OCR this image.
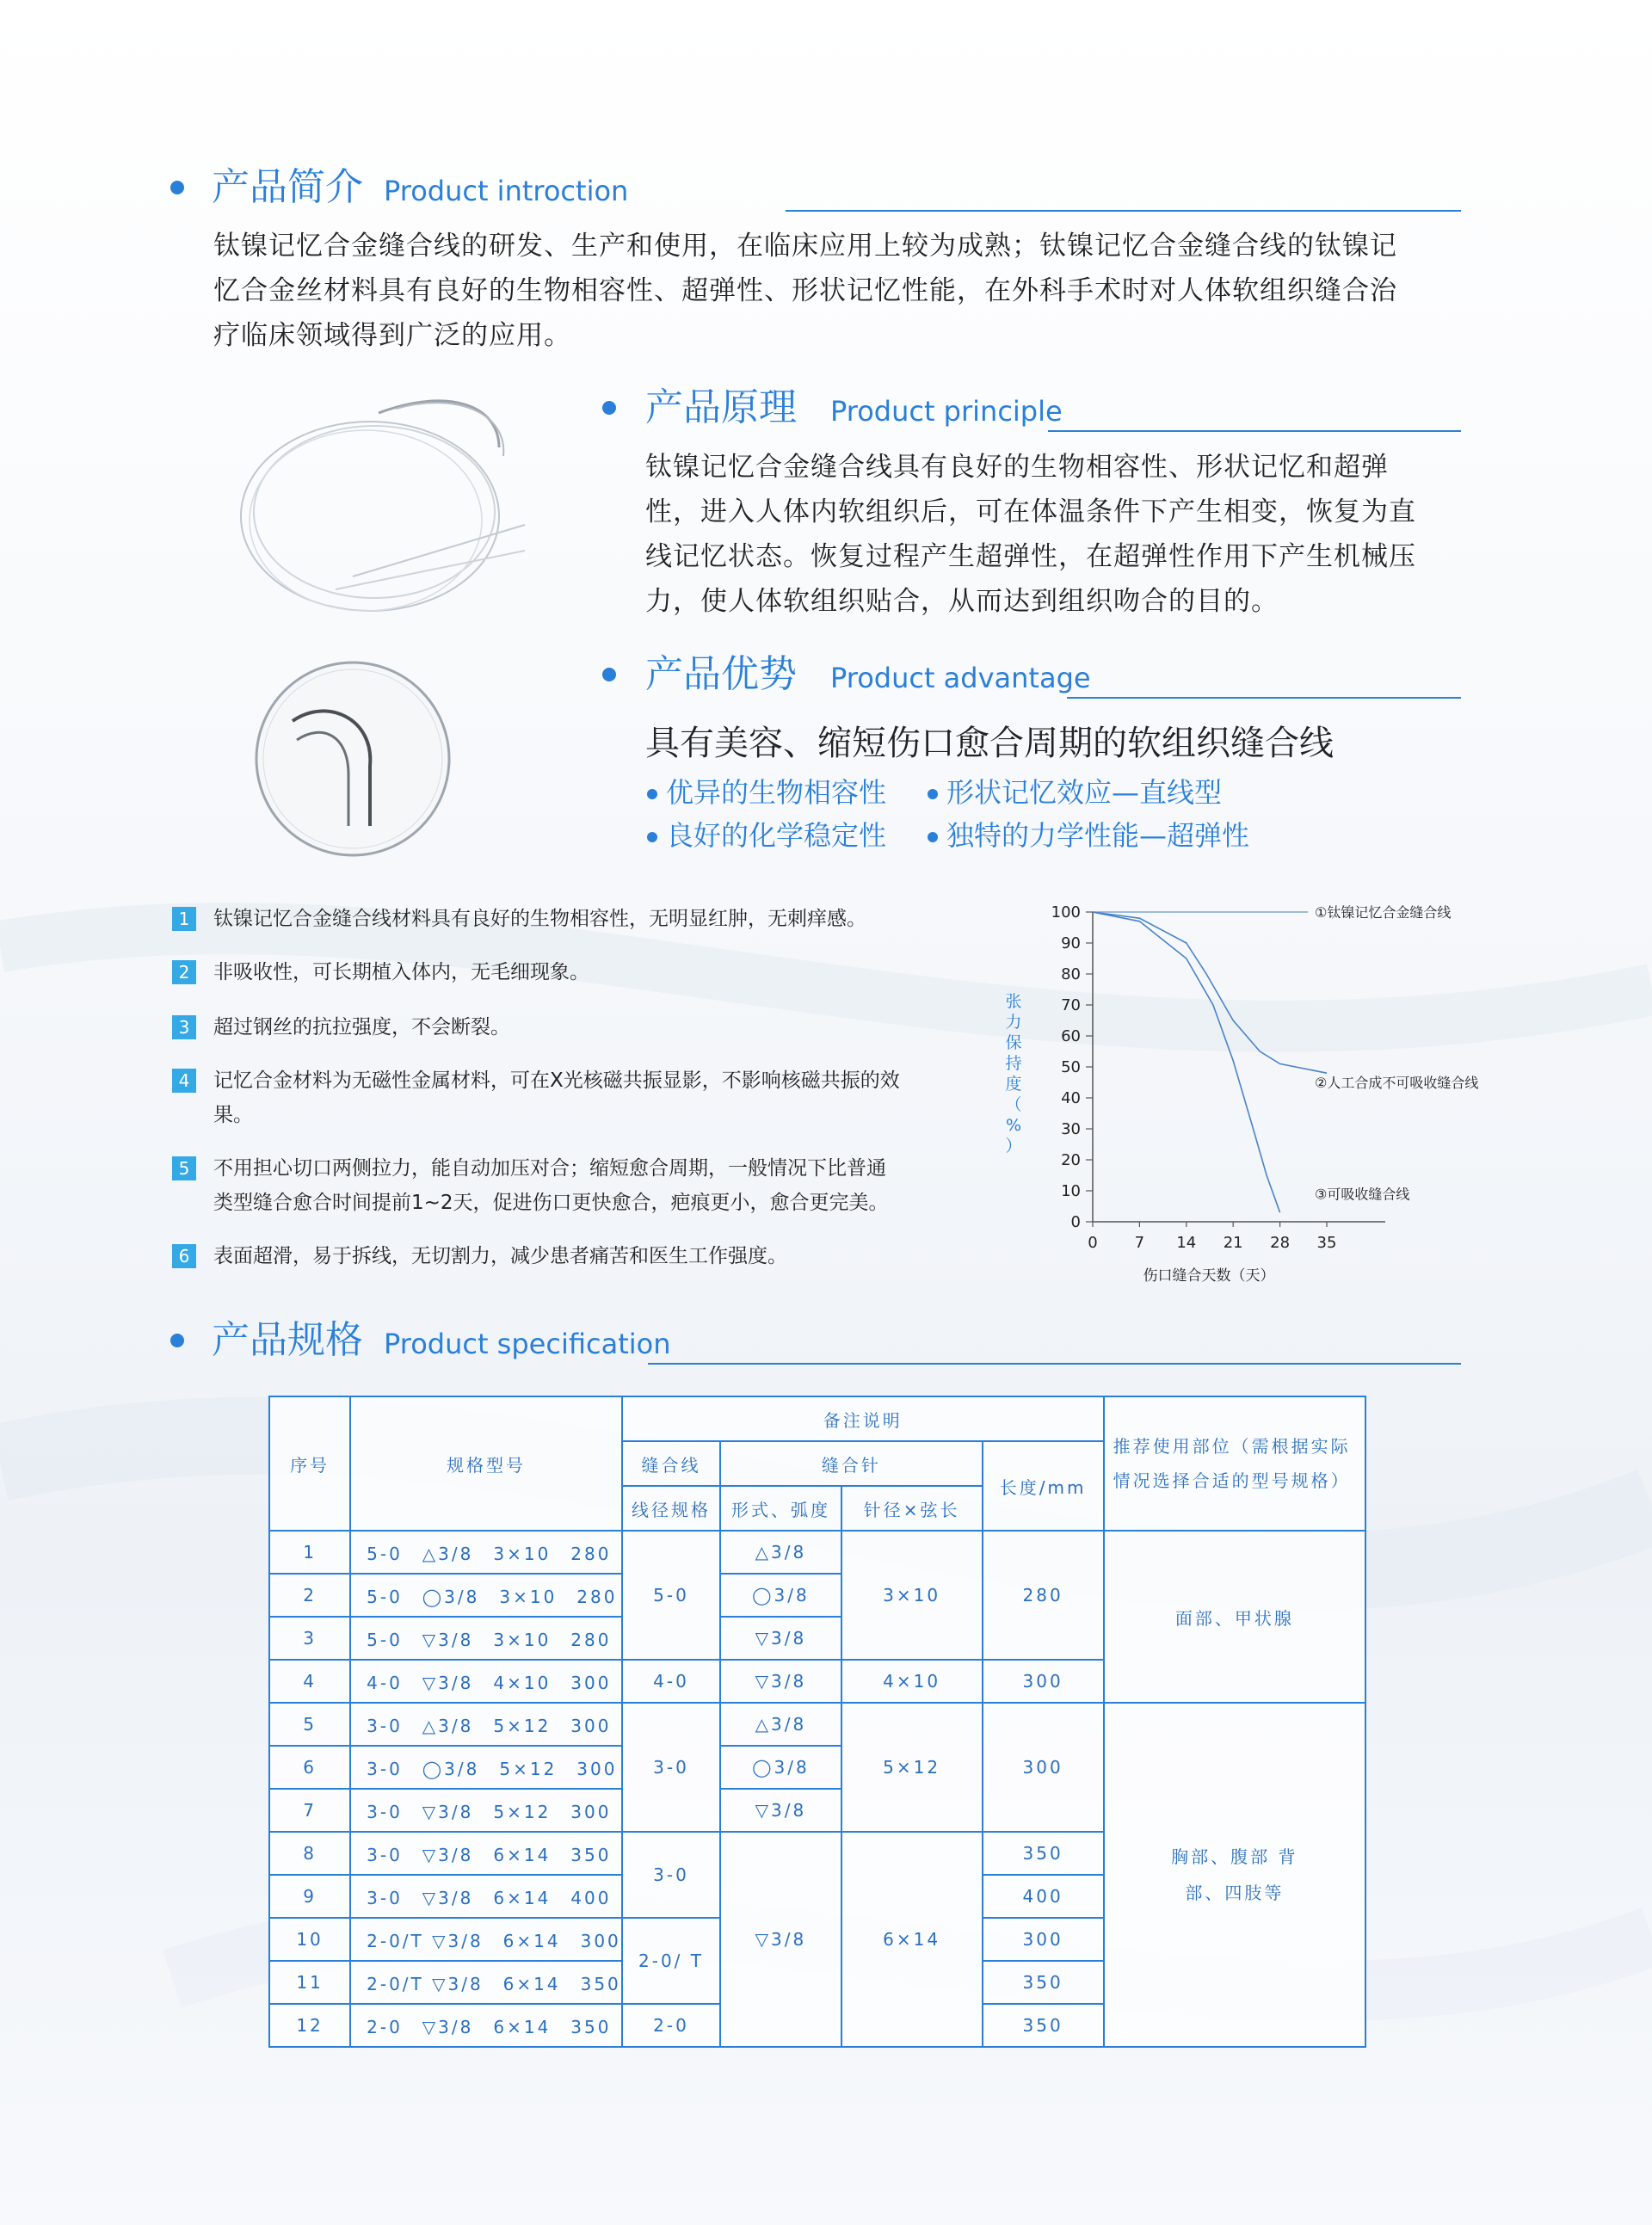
产品简介 Product introction
钛镍记忆合金缝合线的研发、生产和使用，在临床应用上较为成熟；钛镍记忆合金缝合线的钛镍记忆合金丝材料具有良好的生物相容性、超弹性、形状记忆性能，在外科手术时对人体软组织缝合治疗临床领域得到广泛的应用。
产品原理 Product principle
钛镍记忆合金缝合线具有良好的生物相容性、形状记忆和超弹性，进入人体内软组织后，可在体温条件下产生相变，恢复为直线记忆状态。恢复过程产生超弹性，在超弹性作用下产生机械压力，使人体软组织贴合，从而达到组织吻合的目的。
产品优势 Product advantage
具有美容、缩短伤口愈合周期的软组织缝合线
优异的生物相容性	形状记忆效应—直线型
良好的化学稳定性	独特的力学性能—超弹性
1	钛镍记忆合金缝合线材料具有良好的生物相容性，无明显红肿，无刺痒感。
2	非吸收性，可长期植入体内，无毛细现象。
3	超过钢丝的抗拉强度，不会断裂。
4	记忆合金材料为无磁性金属材料，可在X光核磁共振显影，不影响核磁共振的效果。
5	不用担心切口两侧拉力，能自动加压对合；缩短愈合周期，一般情况下比普通类型缝合愈合时间提前1~2天，促进伤口更快愈合，疤痕更小，愈合更完美。
6	表面超滑，易于拆线，无切割力，减少患者痛苦和医生工作强度。
0
10
20
30
40
50
60
70
80
90
100
0 7 14 21 28 35
张
力
保
持
度
（
%
）
伤口缝合天数（天）
①钛镍记忆合金缝合线
②人工合成不可吸收缝合线
③可吸收缝合线
产品规格 Product specification
序号	规格型号	备注说明				推荐使用部位（需根据实际情况选择合适的型号规格）
		缝合线	缝合针		长度/mm	
		线径规格	形式、弧度	针径×弦长		
1	5-0　△3/8　3×10　280	5-0	△3/8	3×10	280	面部、甲状腺
2	5-0　◯3/8　3×10　280		◯3/8			
3	5-0　▽3/8　3×10　280		▽3/8			
4	4-0　▽3/8　4×10　300	4-0	▽3/8	4×10	300	
5	3-0　△3/8　5×12　300	3-0	△3/8	5×12	300	胸部、腹部 背部、四肢等
6	3-0　◯3/8　5×12　300		◯3/8			
7	3-0　▽3/8　5×12　300		▽3/8			
8	3-0　▽3/8　6×14　350	3-0	▽3/8	6×14	350	
9	3-0　▽3/8　6×14　400				400	
10	2-0/T ▽3/8　6×14　300	2-0/ T			300	
11	2-0/T ▽3/8　6×14　350				350	
12	2-0　▽3/8　6×14　350	2-0			350	
